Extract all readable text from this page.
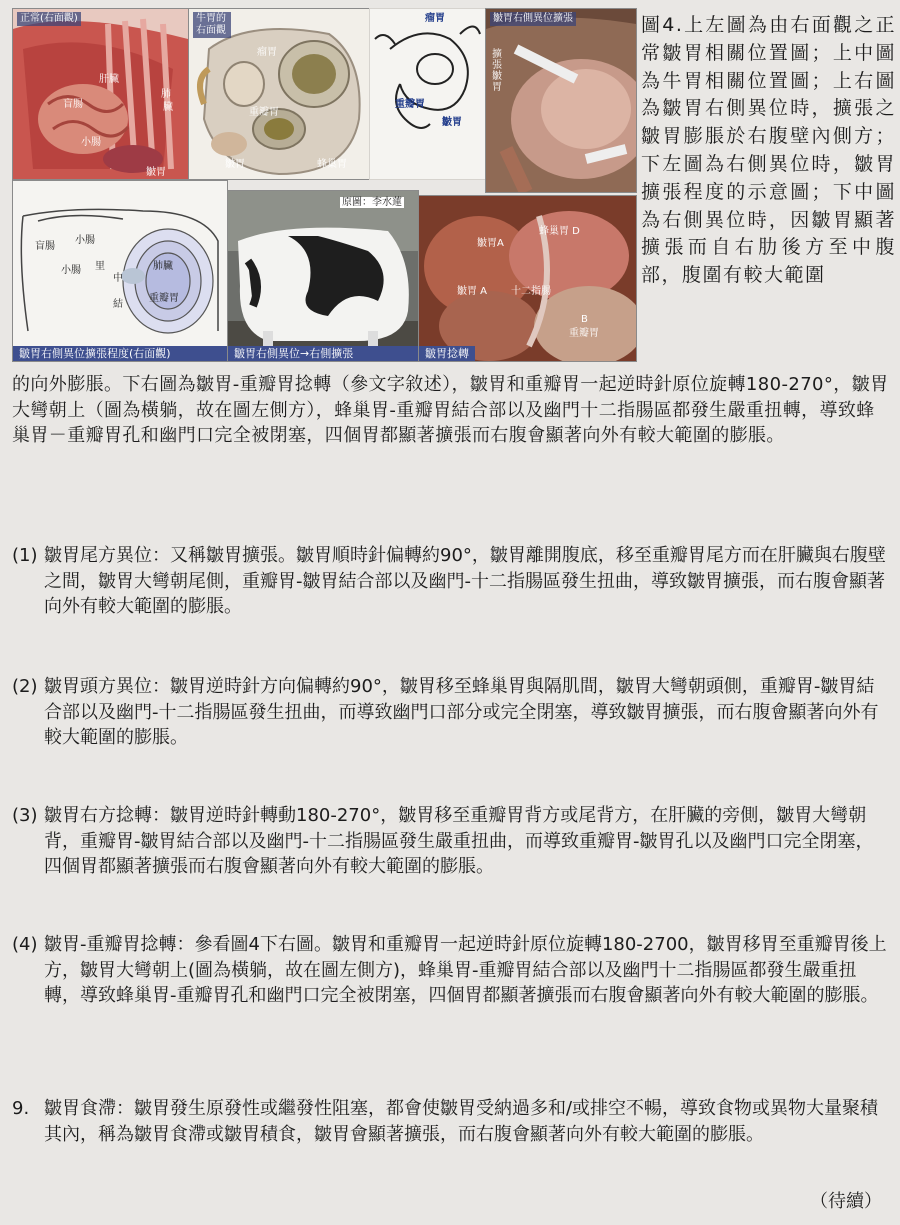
正常(右面觀)
肺
臟
盲腸
小腸
皺胃
肝臟
牛胃的右面觀
瘤胃
重瓣胃
皺胃	蜂巢胃
瘤胃
重瓣胃
皺胃
皺胃右側異位擴張
擴張皺胃
盲腸
小腸
小腸 里
中
肺臟
重瓣胃
結
皺胃右側異位擴張程度(右面觀)
原圖：李水蓮
皺胃右側異位→右側擴張
皺胃A
蜂巢胃 D
皺胃 A 十二指腸
B
重瓣胃
皺胃捻轉
圖4.上左圖為由右面觀之正常皺胃相關位置圖；上中圖為牛胃相關位置圖；上右圖為皺胃右側異位時，擴張之皺胃膨脹於右腹壁內側方；下左圖為右側異位時，皺胃擴張程度的示意圖；下中圖為右側異位時，因皺胃顯著擴張而自右肋後方至中腹部，腹圍有較大範圍
的向外膨脹。下右圖為皺胃-重瓣胃捻轉（參文字敘述），皺胃和重瓣胃一起逆時針原位旋轉180-270°，皺胃大彎朝上（圖為橫躺，故在圖左側方），蜂巢胃-重瓣胃結合部以及幽門十二指腸區都發生嚴重扭轉，導致蜂巢胃－重瓣胃孔和幽門口完全被閉塞，四個胃都顯著擴張而右腹會顯著向外有較大範圍的膨脹。
(1) 皺胃尾方異位：又稱皺胃擴張。皺胃順時針偏轉約90°，皺胃離開腹底，移至重瓣胃尾方而在肝臟與右腹壁之間，皺胃大彎朝尾側，重瓣胃-皺胃結合部以及幽門-十二指腸區發生扭曲，導致皺胃擴張，而右腹會顯著向外有較大範圍的膨脹。
(2) 皺胃頭方異位：皺胃逆時針方向偏轉約90°，皺胃移至蜂巢胃與隔肌間，皺胃大彎朝頭側，重瓣胃-皺胃結合部以及幽門-十二指腸區發生扭曲，而導致幽門口部分或完全閉塞，導致皺胃擴張，而右腹會顯著向外有較大範圍的膨脹。
(3) 皺胃右方捻轉：皺胃逆時針轉動180-270°，皺胃移至重瓣胃背方或尾背方，在肝臟的旁側，皺胃大彎朝背，重瓣胃-皺胃結合部以及幽門-十二指腸區發生嚴重扭曲，而導致重瓣胃-皺胃孔以及幽門口完全閉塞，四個胃都顯著擴張而右腹會顯著向外有較大範圍的膨脹。
(4) 皺胃-重瓣胃捻轉：參看圖4下右圖。皺胃和重瓣胃一起逆時針原位旋轉180-2700，皺胃移胃至重瓣胃後上方，皺胃大彎朝上(圖為橫躺，故在圖左側方)，蜂巢胃-重瓣胃結合部以及幽門十二指腸區都發生嚴重扭轉，導致蜂巢胃-重瓣胃孔和幽門口完全被閉塞，四個胃都顯著擴張而右腹會顯著向外有較大範圍的膨脹。
9. 皺胃食滯：皺胃發生原發性或繼發性阻塞，都會使皺胃受納過多和/或排空不暢，導致食物或異物大量聚積其內，稱為皺胃食滯或皺胃積食，皺胃會顯著擴張，而右腹會顯著向外有較大範圍的膨脹。
（待續）
